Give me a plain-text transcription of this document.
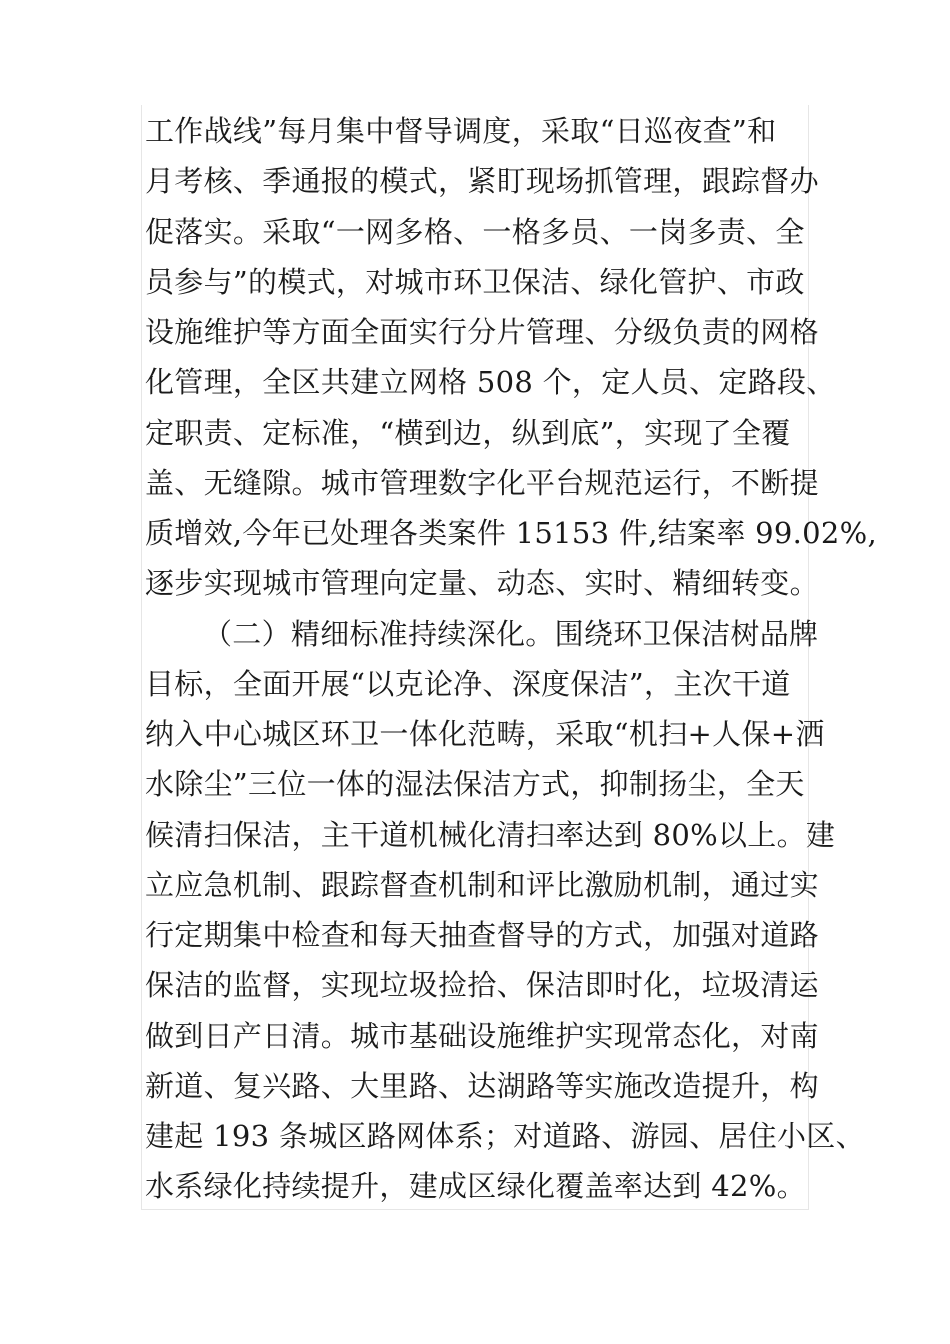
工作战线”每月集中督导调度，采取“日巡夜查”和
月考核、季通报的模式，紧盯现场抓管理，跟踪督办
促落实。采取“一网多格、一格多员、一岗多责、全
员参与”的模式，对城市环卫保洁、绿化管护、市政
设施维护等方面全面实行分片管理、分级负责的网格
化管理，全区共建立网格 508 个，定人员、定路段、
定职责、定标准，“横到边，纵到底”，实现了全覆
盖、无缝隙。城市管理数字化平台规范运行，不断提
质增效,今年已处理各类案件 15153 件,结案率 99.02%,
逐步实现城市管理向定量、动态、实时、精细转变。
（二）精细标准持续深化。围绕环卫保洁树品牌
目标，全面开展“以克论净、深度保洁”，主次干道
纳入中心城区环卫一体化范畴，采取“机扫+人保+洒
水除尘”三位一体的湿法保洁方式，抑制扬尘，全天
候清扫保洁，主干道机械化清扫率达到 80%以上。建
立应急机制、跟踪督查机制和评比激励机制，通过实
行定期集中检查和每天抽查督导的方式，加强对道路
保洁的监督，实现垃圾捡拾、保洁即时化，垃圾清运
做到日产日清。城市基础设施维护实现常态化，对南
新道、复兴路、大里路、达湖路等实施改造提升，构
建起 193 条城区路网体系；对道路、游园、居住小区、
水系绿化持续提升，建成区绿化覆盖率达到 42%。
